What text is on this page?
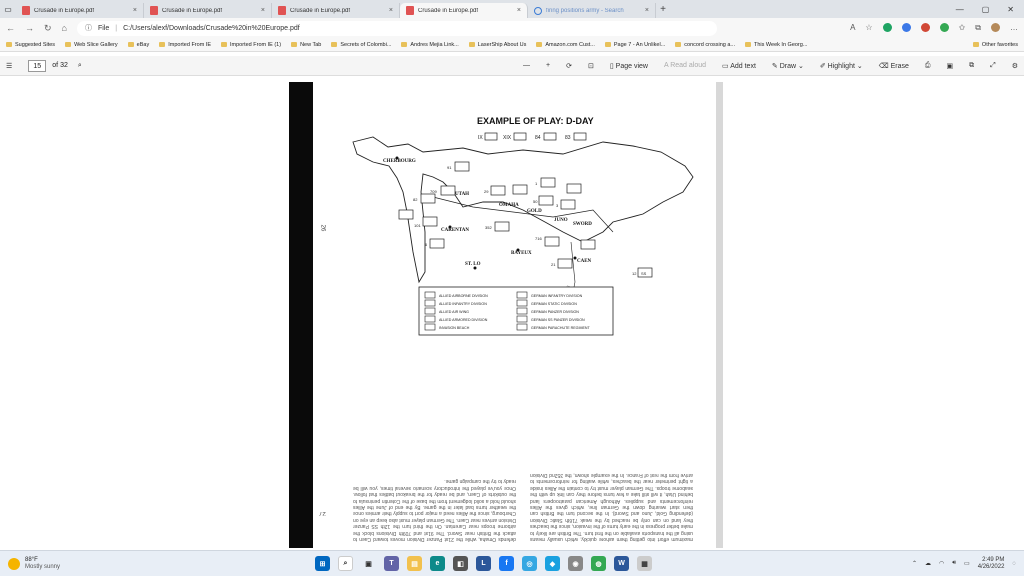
▭	Crusade in Europe.pdf	×	Crusade in Europe.pdf	×	Crusade in Europe.pdf	×	Crusade in Europe.pdf	×	firing positions army - Search	×	+	— ▢ ✕
← → ↻ ⌂	ⓘ File | C:/Users/alexf/Downloads/Crusade%20in%20Europe.pdf	A ☆	✩ ⧉	…
Suggested Sites	Web Slice Gallery	eBay	Imported From IE	Imported From IE (1)	New Tab	Secrets of Colombi...	Andres Mejia Link...	LaserShip About Us	Amazon.com Cust...	Page 7 - An Unlikel...	concord crossing a...	This Week In Georg...	Other favorites
☰	15	of 32 ⌕	— + ⟳ ⊡ ▯ Page view A Read aloud ▭ Add text ✎ Draw ⌄ ✐ Highlight ⌄ ⌫ Erase ⎙ ▣ ⧉ ⤢ ⚙
26
27
EXAMPLE OF PLAY: D-DAY
IX	XIX	84	83
CHERBOURG
UTAH
OMAHA
GOLD
JUNO
SWORD
CARENTAN
BAYEUX
CAEN
ST. LO
91
709
82
101
6
29
352
1
50
3
716
21
12 SS
ALLIED AIRBORNE DIVISION
ALLIED INFANTRY DIVISION
ALLIED AIR WING
ALLIED ARMORED DIVISION
INVASION BEACH
GERMAN INFANTRY DIVISION
GERMAN STATIC DIVISION
GERMAN PANZER DIVISION
GERMAN SS PANZER DIVISION
GERMAN PARACHUTE REGIMENT
maximum effort into getting them ashore quickly, which usually means using all the transports available on the first turn. The British are likely to make better progress in the early turns of the invasion, since the beaches they land on can only be reached by the weak 716th Static Division (defending Gold, Juno and Sword). In the second turn the British can then start wearing down the German line, which gives the Allies reinforcements and supplies. Although American paratroopers land behind Utah, it will still take a few turns before they can link up with the seaborne troops. The German player must try to contain the Allies inside a tight perimeter near the beaches, while waiting for reinforcements to arrive from the rest of France. In the example shown, the 352nd Division defends Omaha, while the 21st Panzer Division moves toward Caen to attack the British near Sword. The 91st and 709th Divisions block the airborne troops near Carentan. On the third turn the 12th SS Panzer Division arrives near Caen. The German player must also keep an eye on Cherbourg, since the Allies need a major port to supply their armies once the weather turns bad later in the game. By the end of June the Allies should hold a solid lodgement from the base of the Cotentin peninsula to the outskirts of Caen, and be ready for the breakout battles that follow. Once you've played the introductory scenario several times, you will be ready to try the campaign game.
88°F
Mostly sunny	⊞	⌕	▣	T	▤	e	◧	L	f	◎	◆	◉	◍	W	▦	⌃ ☁ ◠ 🔊︎ ▭
2:49 PM
4/26/2022 ◌
